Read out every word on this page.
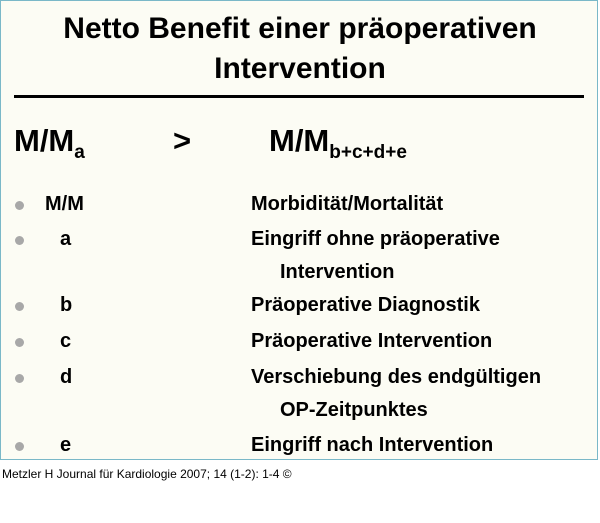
Netto Benefit einer präoperativen
Intervention
$M/M_a$	>	$M/M_{b+c+d+e}$
M/M	Morbidität/Mortalität
a	Eingriff ohne präoperative
Intervention
b	Präoperative Diagnostik
c	Präoperative Intervention
d	Verschiebung des endgültigen
OP-Zeitpunktes
e	Eingriff nach Intervention
Metzler H Journal für Kardiologie 2007; 14 (1-2): 1-4 ©
